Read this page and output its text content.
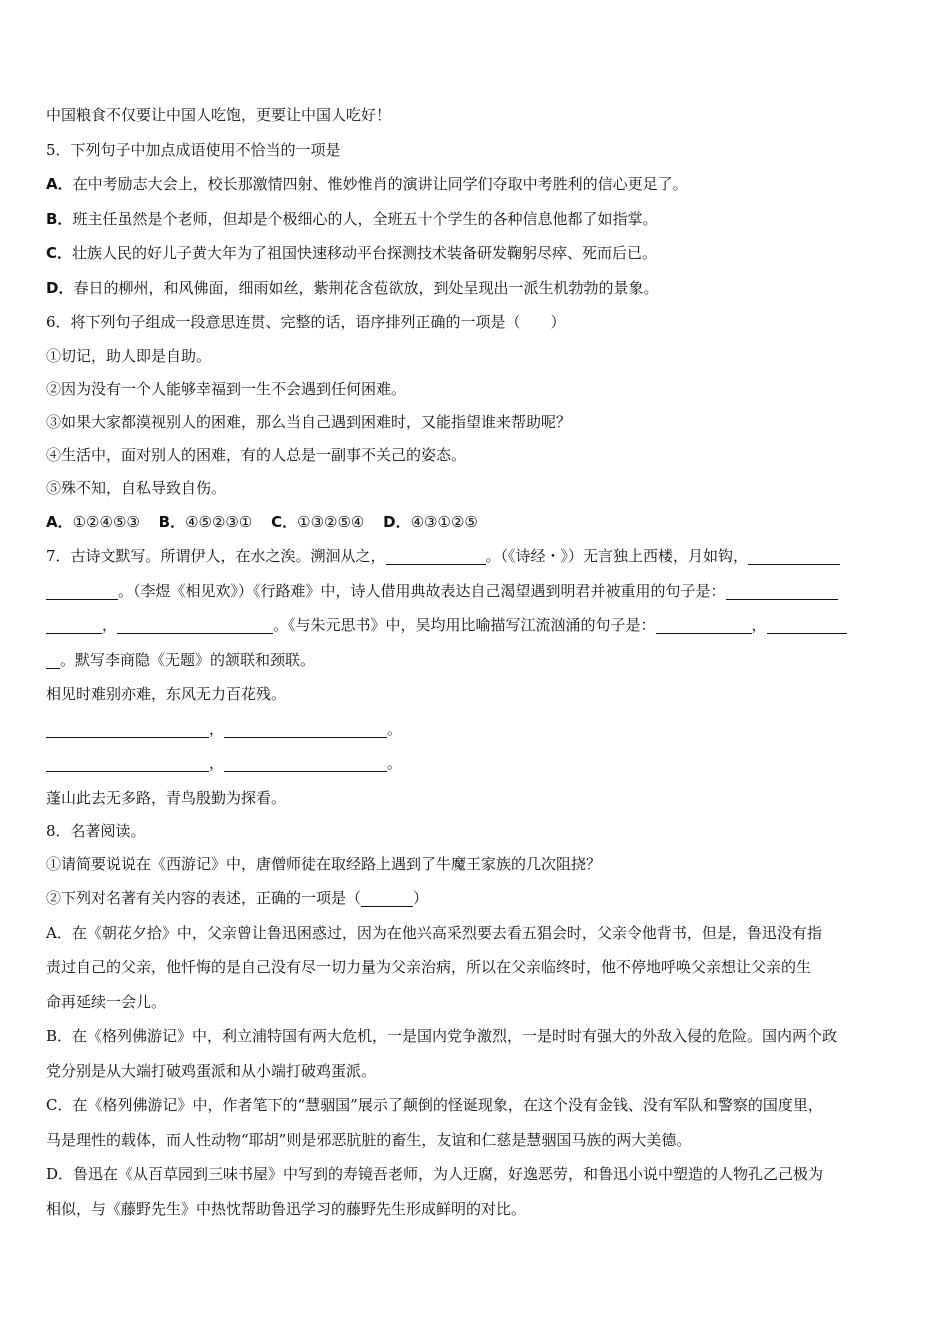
中国粮食不仅要让中国人吃饱，更要让中国人吃好！
5．下列句子中加点成语使用不恰当的一项是
A．在中考励志大会上，校长那激情四射、惟妙惟肖的演讲让同学们夺取中考胜利的信心更足了。
B．班主任虽然是个老师，但却是个极细心的人，全班五十个学生的各种信息他都了如指掌。
C．壮族人民的好儿子黄大年为了祖国快速移动平台探测技术装备研发鞠躬尽瘁、死而后已。
D．春日的柳州，和风佛面，细雨如丝，紫荆花含苞欲放，到处呈现出一派生机勃勃的景象。
6．将下列句子组成一段意思连贯、完整的话，语序排列正确的一项是（　　）
①切记，助人即是自助。
②因为没有一个人能够幸福到一生不会遇到任何困难。
③如果大家都漠视别人的困难，那么当自己遇到困难时，又能指望谁来帮助呢？
④生活中，面对别人的困难，有的人总是一副事不关己的姿态。
⑤殊不知，自私导致自伤。
A．①②④⑤③ B．④⑤②③① C．①③②⑤④ D．④③①②⑤
7．古诗文默写。所谓伊人，在水之涘。溯洄从之，	。（《诗经・》）无言独上西楼，月如钩，
。（李煜《相见欢》）《行路难》中，诗人借用典故表达自己渴望遇到明君并被重用的句子是：
，	。《与朱元思书》中，吴均用比喻描写江流汹涌的句子是：	，
。默写李商隐《无题》的颔联和颈联。
相见时难别亦难，东风无力百花残。
，	。
，	。
蓬山此去无多路，青鸟殷勤为探看。
8．名著阅读。
①请简要说说在《西游记》中，唐僧师徒在取经路上遇到了牛魔王家族的几次阻挠？
②下列对名著有关内容的表述，正确的一项是（	）
A．在《朝花夕拾》中，父亲曾让鲁迅困惑过，因为在他兴高采烈要去看五猖会时，父亲令他背书，但是，鲁迅没有指
责过自己的父亲，他忏悔的是自己没有尽一切力量为父亲治病，所以在父亲临终时，他不停地呼唤父亲想让父亲的生
命再延续一会儿。
B．在《格列佛游记》中，利立浦特国有两大危机，一是国内党争激烈，一是时时有强大的外敌入侵的危险。国内两个政
党分别是从大端打破鸡蛋派和从小端打破鸡蛋派。
C．在《格列佛游记》中，作者笔下的“慧骃国”展示了颠倒的怪诞现象，在这个没有金钱、没有军队和警察的国度里，
马是理性的载体，而人性动物“耶胡”则是邪恶肮脏的畜生，友谊和仁慈是慧骃国马族的两大美德。
D．鲁迅在《从百草园到三味书屋》中写到的寿镜吾老师，为人迂腐，好逸恶劳，和鲁迅小说中塑造的人物孔乙己极为
相似，与《藤野先生》中热忱帮助鲁迅学习的藤野先生形成鲜明的对比。
